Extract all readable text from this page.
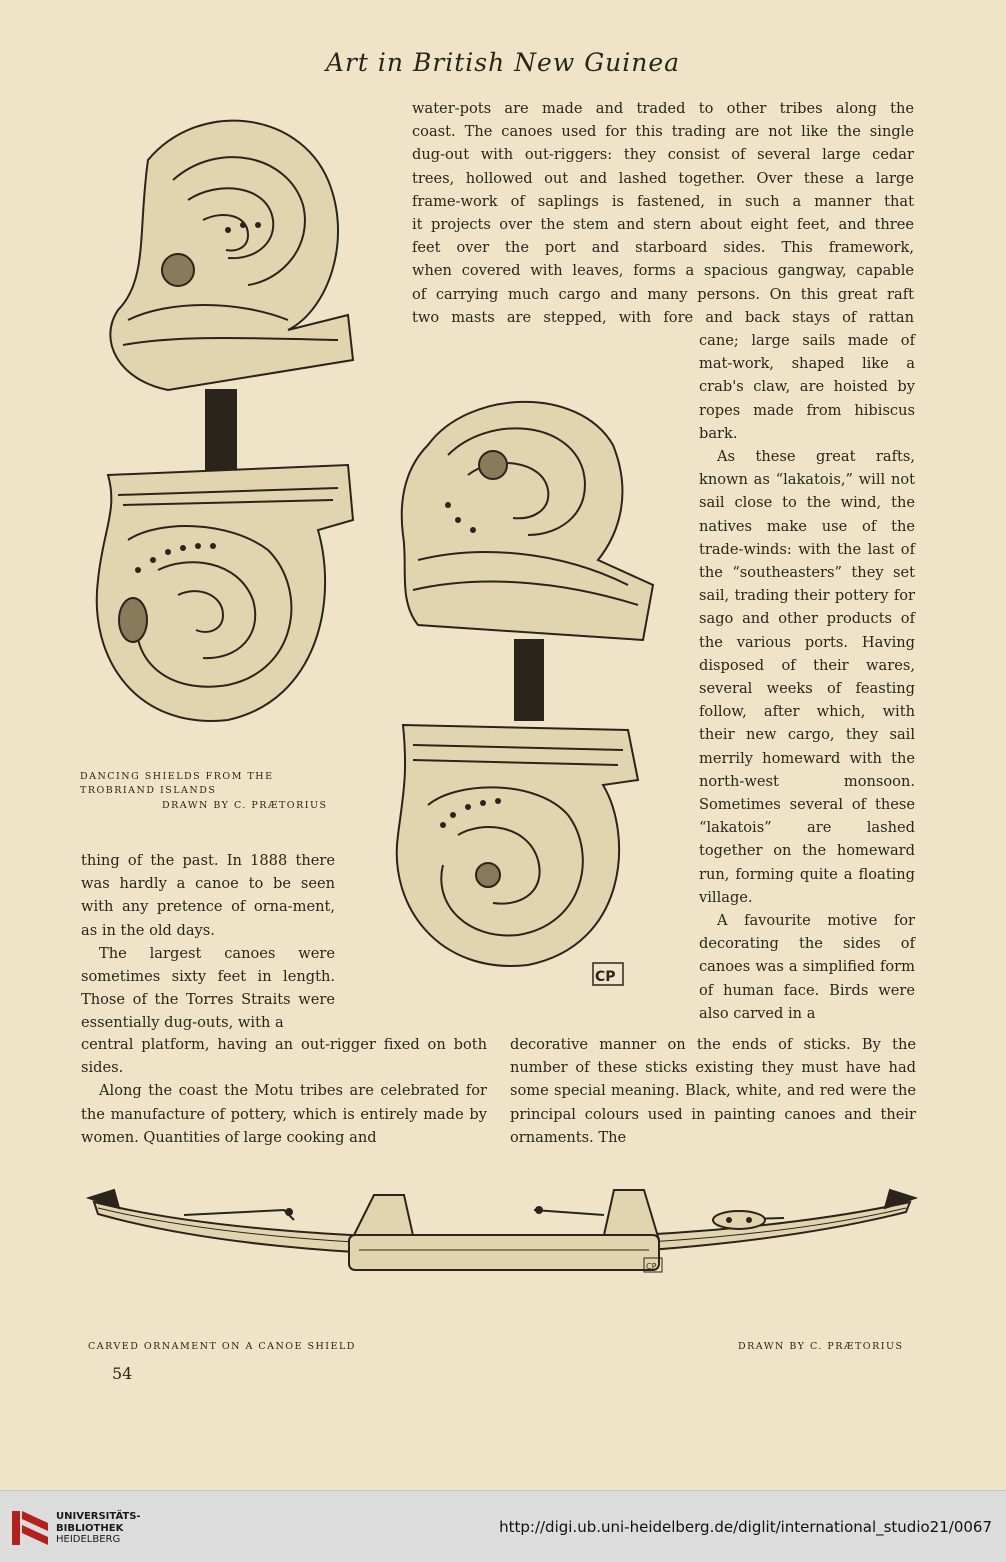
Art in British New Guinea

water-pots are made and traded to other tribes along the

coast. The canoes used for this trading are not like the single

dug-out with out-riggers: they consist of several large cedar

trees, hollowed out and lashed together. Over these a large

frame-work of saplings is fastened, in such a manner that

it projects over the stem and stern about eight feet, and three

feet over the port and starboard sides. This framework,

when covered with leaves, forms a spacious gangway, capable

of carrying much cargo and many persons. On this great raft

two masts are stepped, with fore and back stays of rattan

cane; large sails made of mat-work, shaped like a crab's claw, are hoisted by ropes made from hibiscus bark.

As these great rafts, known as “lakatois,” will not sail close to the wind, the natives make use of the trade-winds: with the last of the “southeasters” they set sail, trading their pottery for sago and other products of the various ports. Having disposed of their wares, several weeks of feasting follow, after which, with their new cargo, they sail merrily homeward with the north-west monsoon. Sometimes several of these “lakatois” are lashed together on the homeward run, forming quite a floating village.

A favourite motive for decorating the sides of canoes was a simplified form of human face. Birds were also carved in a

thing of the past. In 1888 there was hardly a canoe to be seen with any pretence of orna-ment, as in the old days.

The largest canoes were sometimes sixty feet in length. Those of the Torres Straits were essentially dug-outs, with a

central platform, having an out-rigger fixed on both sides.

Along the coast the Motu tribes are celebrated for the manufacture of pottery, which is entirely made by women. Quantities of large cooking and

decorative manner on the ends of sticks. By the number of these sticks existing they must have had some special meaning. Black, white, and red were the principal colours used in painting canoes and their ornaments. The

DANCING SHIELDS FROM THE
TROBRIAND ISLANDS
DRAWN BY C. PRÆTORIUS
CP
CP
CARVED ORNAMENT ON A CANOE SHIELD	DRAWN BY C. PRÆTORIUS
54
UNIVERSITÄTS-
BIBLIOTHEK
HEIDELBERG
http://digi.ub.uni-heidelberg.de/diglit/international_studio21/0067
